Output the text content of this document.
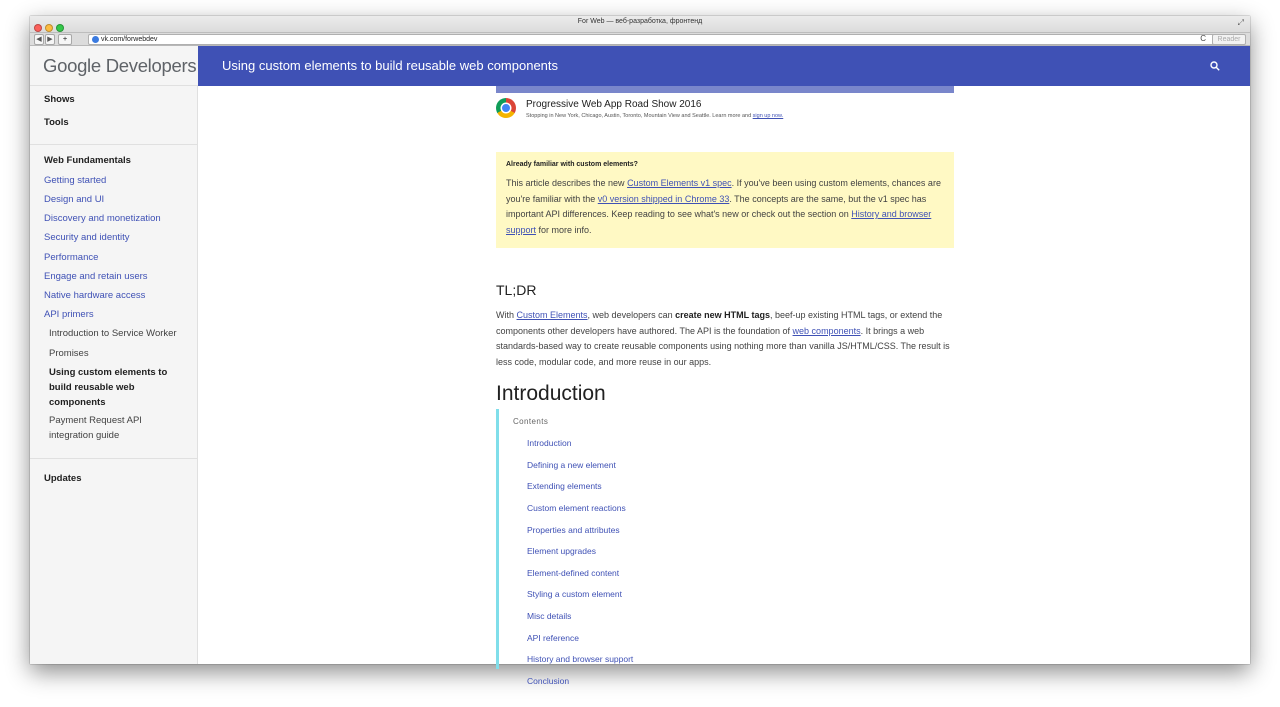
For Web — веб-разработка, фронтенд	⤢
◀ ▶	+	vk.com/forwebdev	C	Reader
Google Developers Using custom elements to build reusable web components
Shows
Tools
Web Fundamentals
Getting started
Design and UI
Discovery and monetization
Security and identity
Performance
Engage and retain users
Native hardware access
API primers
Introduction to Service Worker
Promises
Using custom elements to build reusable web components
Payment Request API integration guide
Updates
Progressive Web App Road Show 2016
Stopping in New York, Chicago, Austin, Toronto, Mountain View and Seattle. Learn more and sign up now.
Already familiar with custom elements?
This article describes the new Custom Elements v1 spec. If you've been using custom elements, chances are you're familiar with the v0 version shipped in Chrome 33. The concepts are the same, but the v1 spec has important API differences. Keep reading to see what's new or check out the section on History and browser support for more info.
TL;DR
With Custom Elements, web developers can create new HTML tags, beef-up existing HTML tags, or extend the components other developers have authored. The API is the foundation of web components. It brings a web standards-based way to create reusable components using nothing more than vanilla JS/HTML/CSS. The result is less code, modular code, and more reuse in our apps.
Introduction
Contents
Introduction
Defining a new element
Extending elements
Custom element reactions
Properties and attributes
Element upgrades
Element-defined content
Styling a custom element
Misc details
API reference
History and browser support
Conclusion
